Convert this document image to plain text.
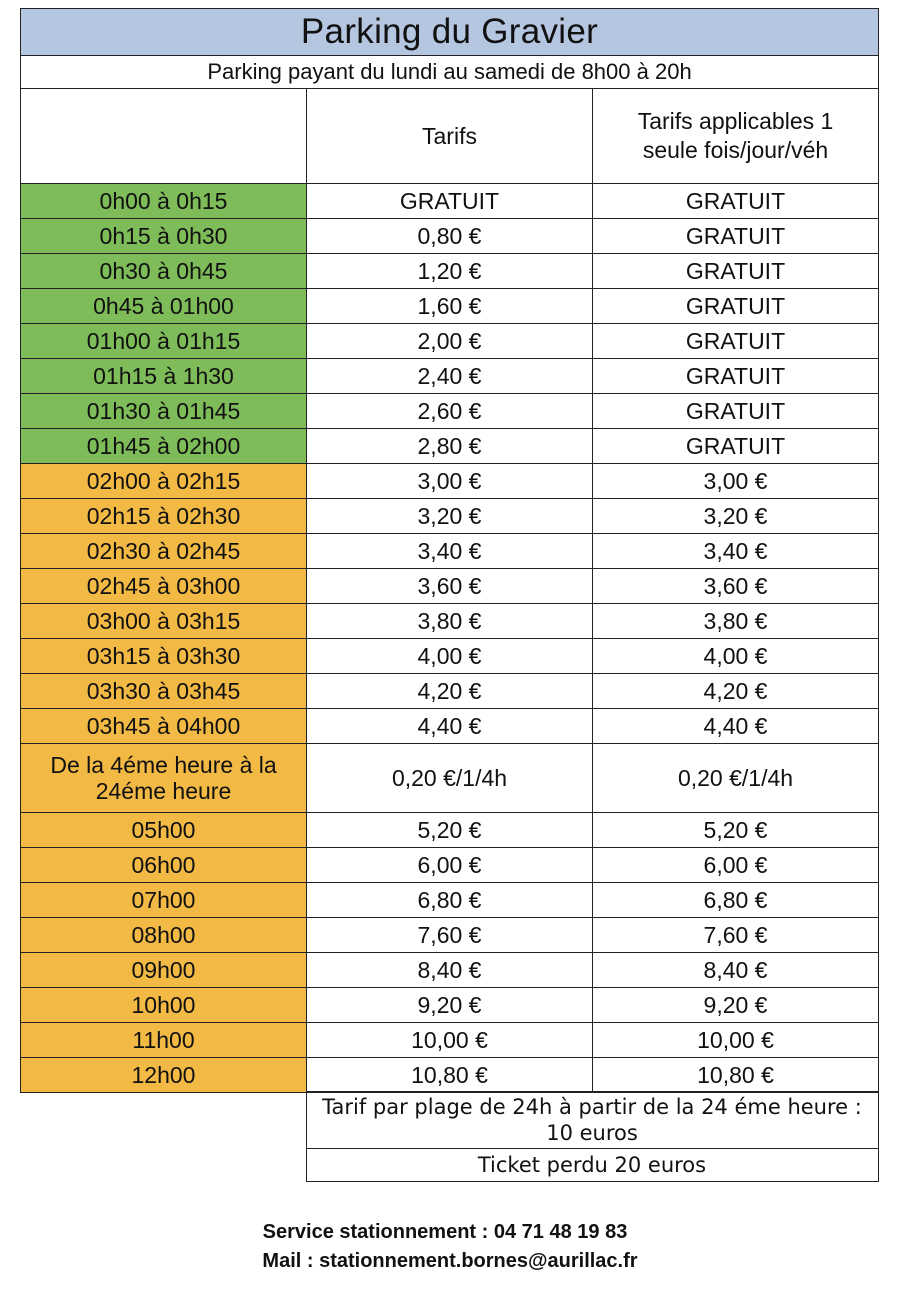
Parking du Gravier		
Parking payant du lundi au samedi de 8h00 à 20h		
	Tarifs	Tarifs applicables 1
seule fois/jour/véh
0h00 à 0h15	GRATUIT	GRATUIT
0h15 à 0h30	0,80 €	GRATUIT
0h30 à 0h45	1,20 €	GRATUIT
0h45 à 01h00	1,60 €	GRATUIT
01h00 à 01h15	2,00 €	GRATUIT
01h15 à 1h30	2,40 €	GRATUIT
01h30 à 01h45	2,60 €	GRATUIT
01h45 à 02h00	2,80 €	GRATUIT
02h00 à 02h15	3,00 €	3,00 €
02h15 à 02h30	3,20 €	3,20 €
02h30 à 02h45	3,40 €	3,40 €
02h45 à 03h00	3,60 €	3,60 €
03h00 à 03h15	3,80 €	3,80 €
03h15 à 03h30	4,00 €	4,00 €
03h30 à 03h45	4,20 €	4,20 €
03h45 à 04h00	4,40 €	4,40 €
De la 4éme heure à la 24éme heure	0,20 €/1/4h	0,20 €/1/4h
05h00	5,20 €	5,20 €
06h00	6,00 €	6,00 €
07h00	6,80 €	6,80 €
08h00	7,60 €	7,60 €
09h00	8,40 €	8,40 €
10h00	9,20 €	9,20 €
11h00	10,00 €	10,00 €
12h00	10,80 €	10,80 €
	Tarif par plage de 24h à partir de la 24 éme heure :
10 euros
	Ticket perdu 20 euros
Service stationnement : 04 71 48 19 83
Mail : stationnement.bornes@aurillac.fr
